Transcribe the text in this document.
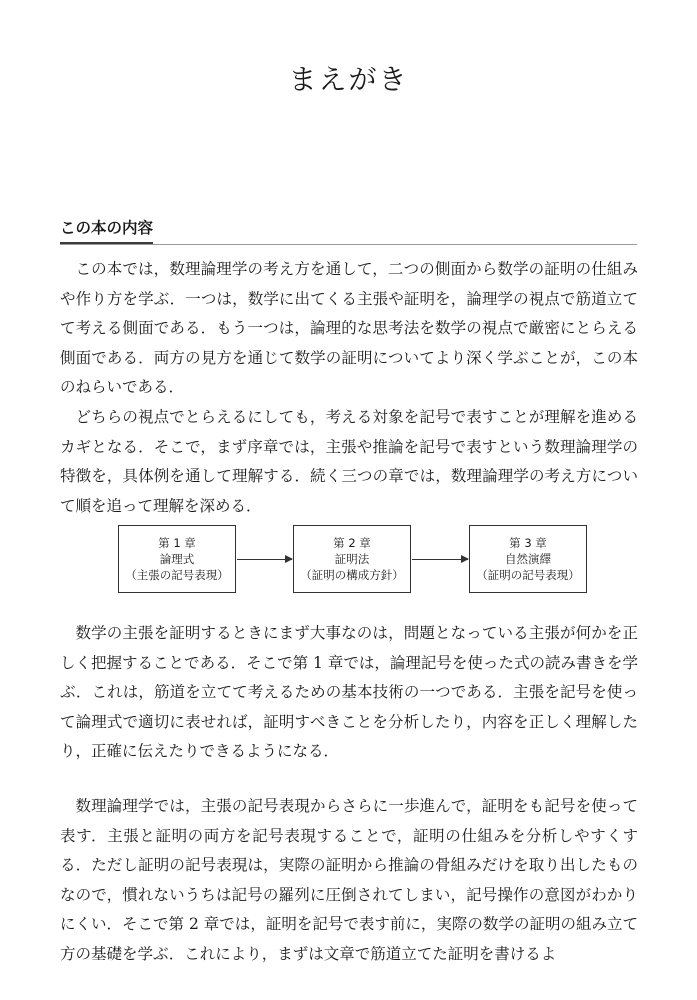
まえがき
この本の内容

この本では，数理論理学の考え方を通して，二つの側面から数学の証明の仕組みや作り方を学ぶ．一つは，数学に出てくる主張や証明を，論理学の視点で筋道立てて考える側面である．もう一つは，論理的な思考法を数学の視点で厳密にとらえる側面である．両方の見方を通じて数学の証明についてより深く学ぶことが，この本のねらいである．

どちらの視点でとらえるにしても，考える対象を記号で表すことが理解を進めるカギとなる．そこで，まず序章では，主張や推論を記号で表すという数理論理学の特徴を，具体例を通して理解する．続く三つの章では，数理論理学の考え方について順を追って理解を深める．

第 1 章
論理式
（主張の記号表現）
第 2 章
証明法
（証明の構成方針）
第 3 章
自然演繹
（証明の記号表現）

数学の主張を証明するときにまず大事なのは，問題となっている主張が何かを正しく把握することである．そこで第 1 章では，論理記号を使った式の読み書きを学ぶ．これは，筋道を立てて考えるための基本技術の一つである．主張を記号を使って論理式で適切に表せれば，証明すべきことを分析したり，内容を正しく理解したり，正確に伝えたりできるようになる．

数理論理学では，主張の記号表現からさらに一歩進んで，証明をも記号を使って表す．主張と証明の両方を記号表現することで，証明の仕組みを分析しやすくする．ただし証明の記号表現は，実際の証明から推論の骨組みだけを取り出したものなので，慣れないうちは記号の羅列に圧倒されてしまい，記号操作の意図がわかりにくい．そこで第 2 章では，証明を記号で表す前に，実際の数学の証明の組み立て方の基礎を学ぶ．これにより，まずは文章で筋道立てた証明を書けるよ
